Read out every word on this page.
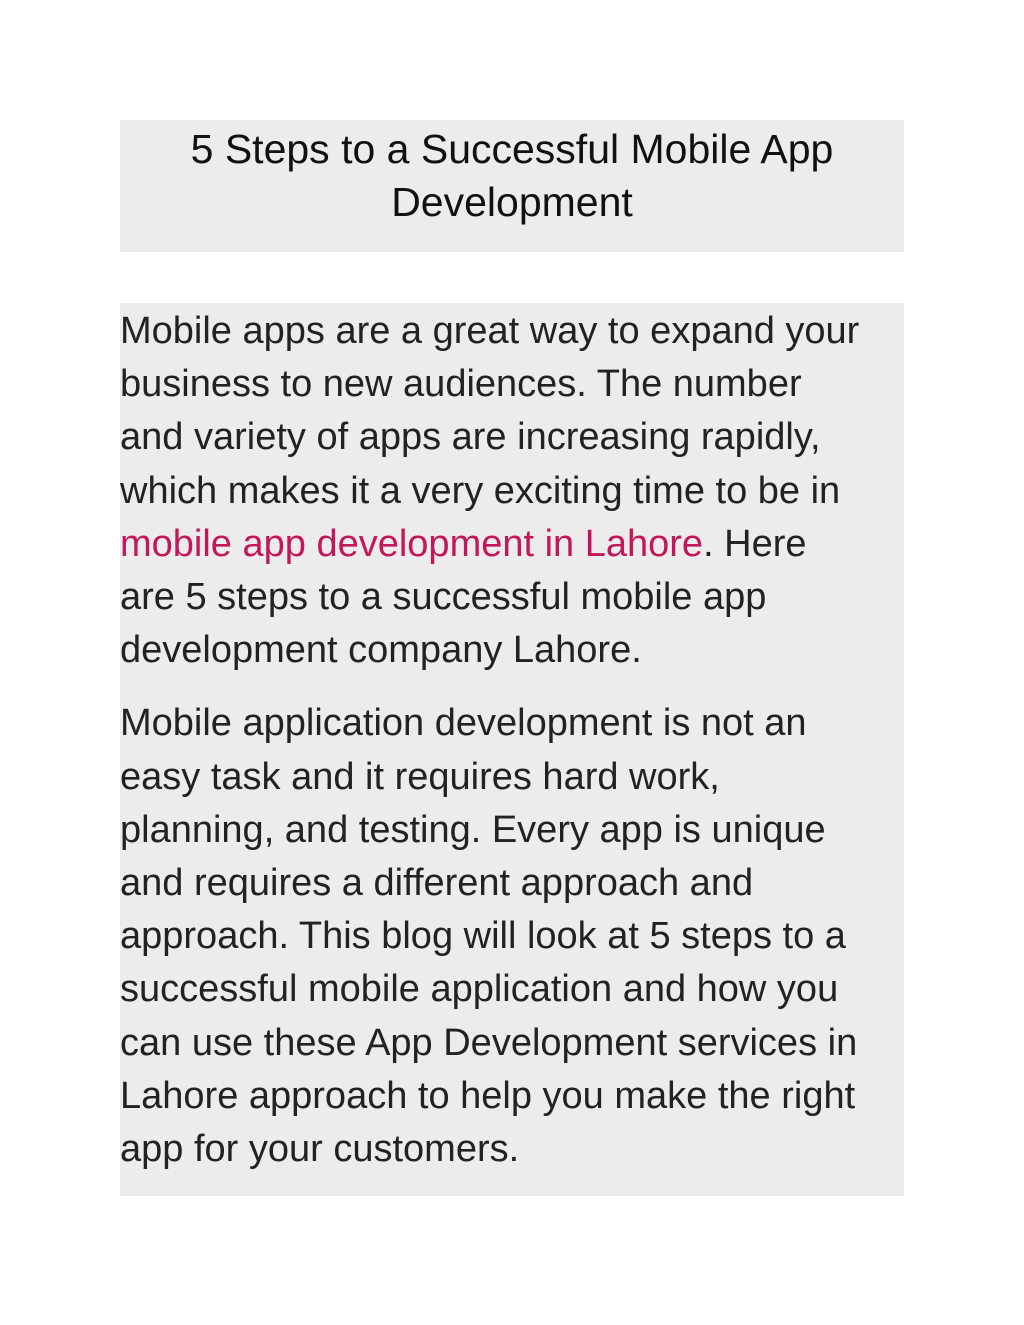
5 Steps to a Successful Mobile App
Development

Mobile apps are a great way to expand your
business to new audiences. The number
and variety of apps are increasing rapidly,
which makes it a very exciting time to be in
mobile app development in Lahore. Here
are 5 steps to a successful mobile app
development company Lahore.

Mobile application development is not an
easy task and it requires hard work,
planning, and testing. Every app is unique
and requires a different approach and
approach. This blog will look at 5 steps to a
successful mobile application and how you
can use these App Development services in
Lahore approach to help you make the right
app for your customers.
